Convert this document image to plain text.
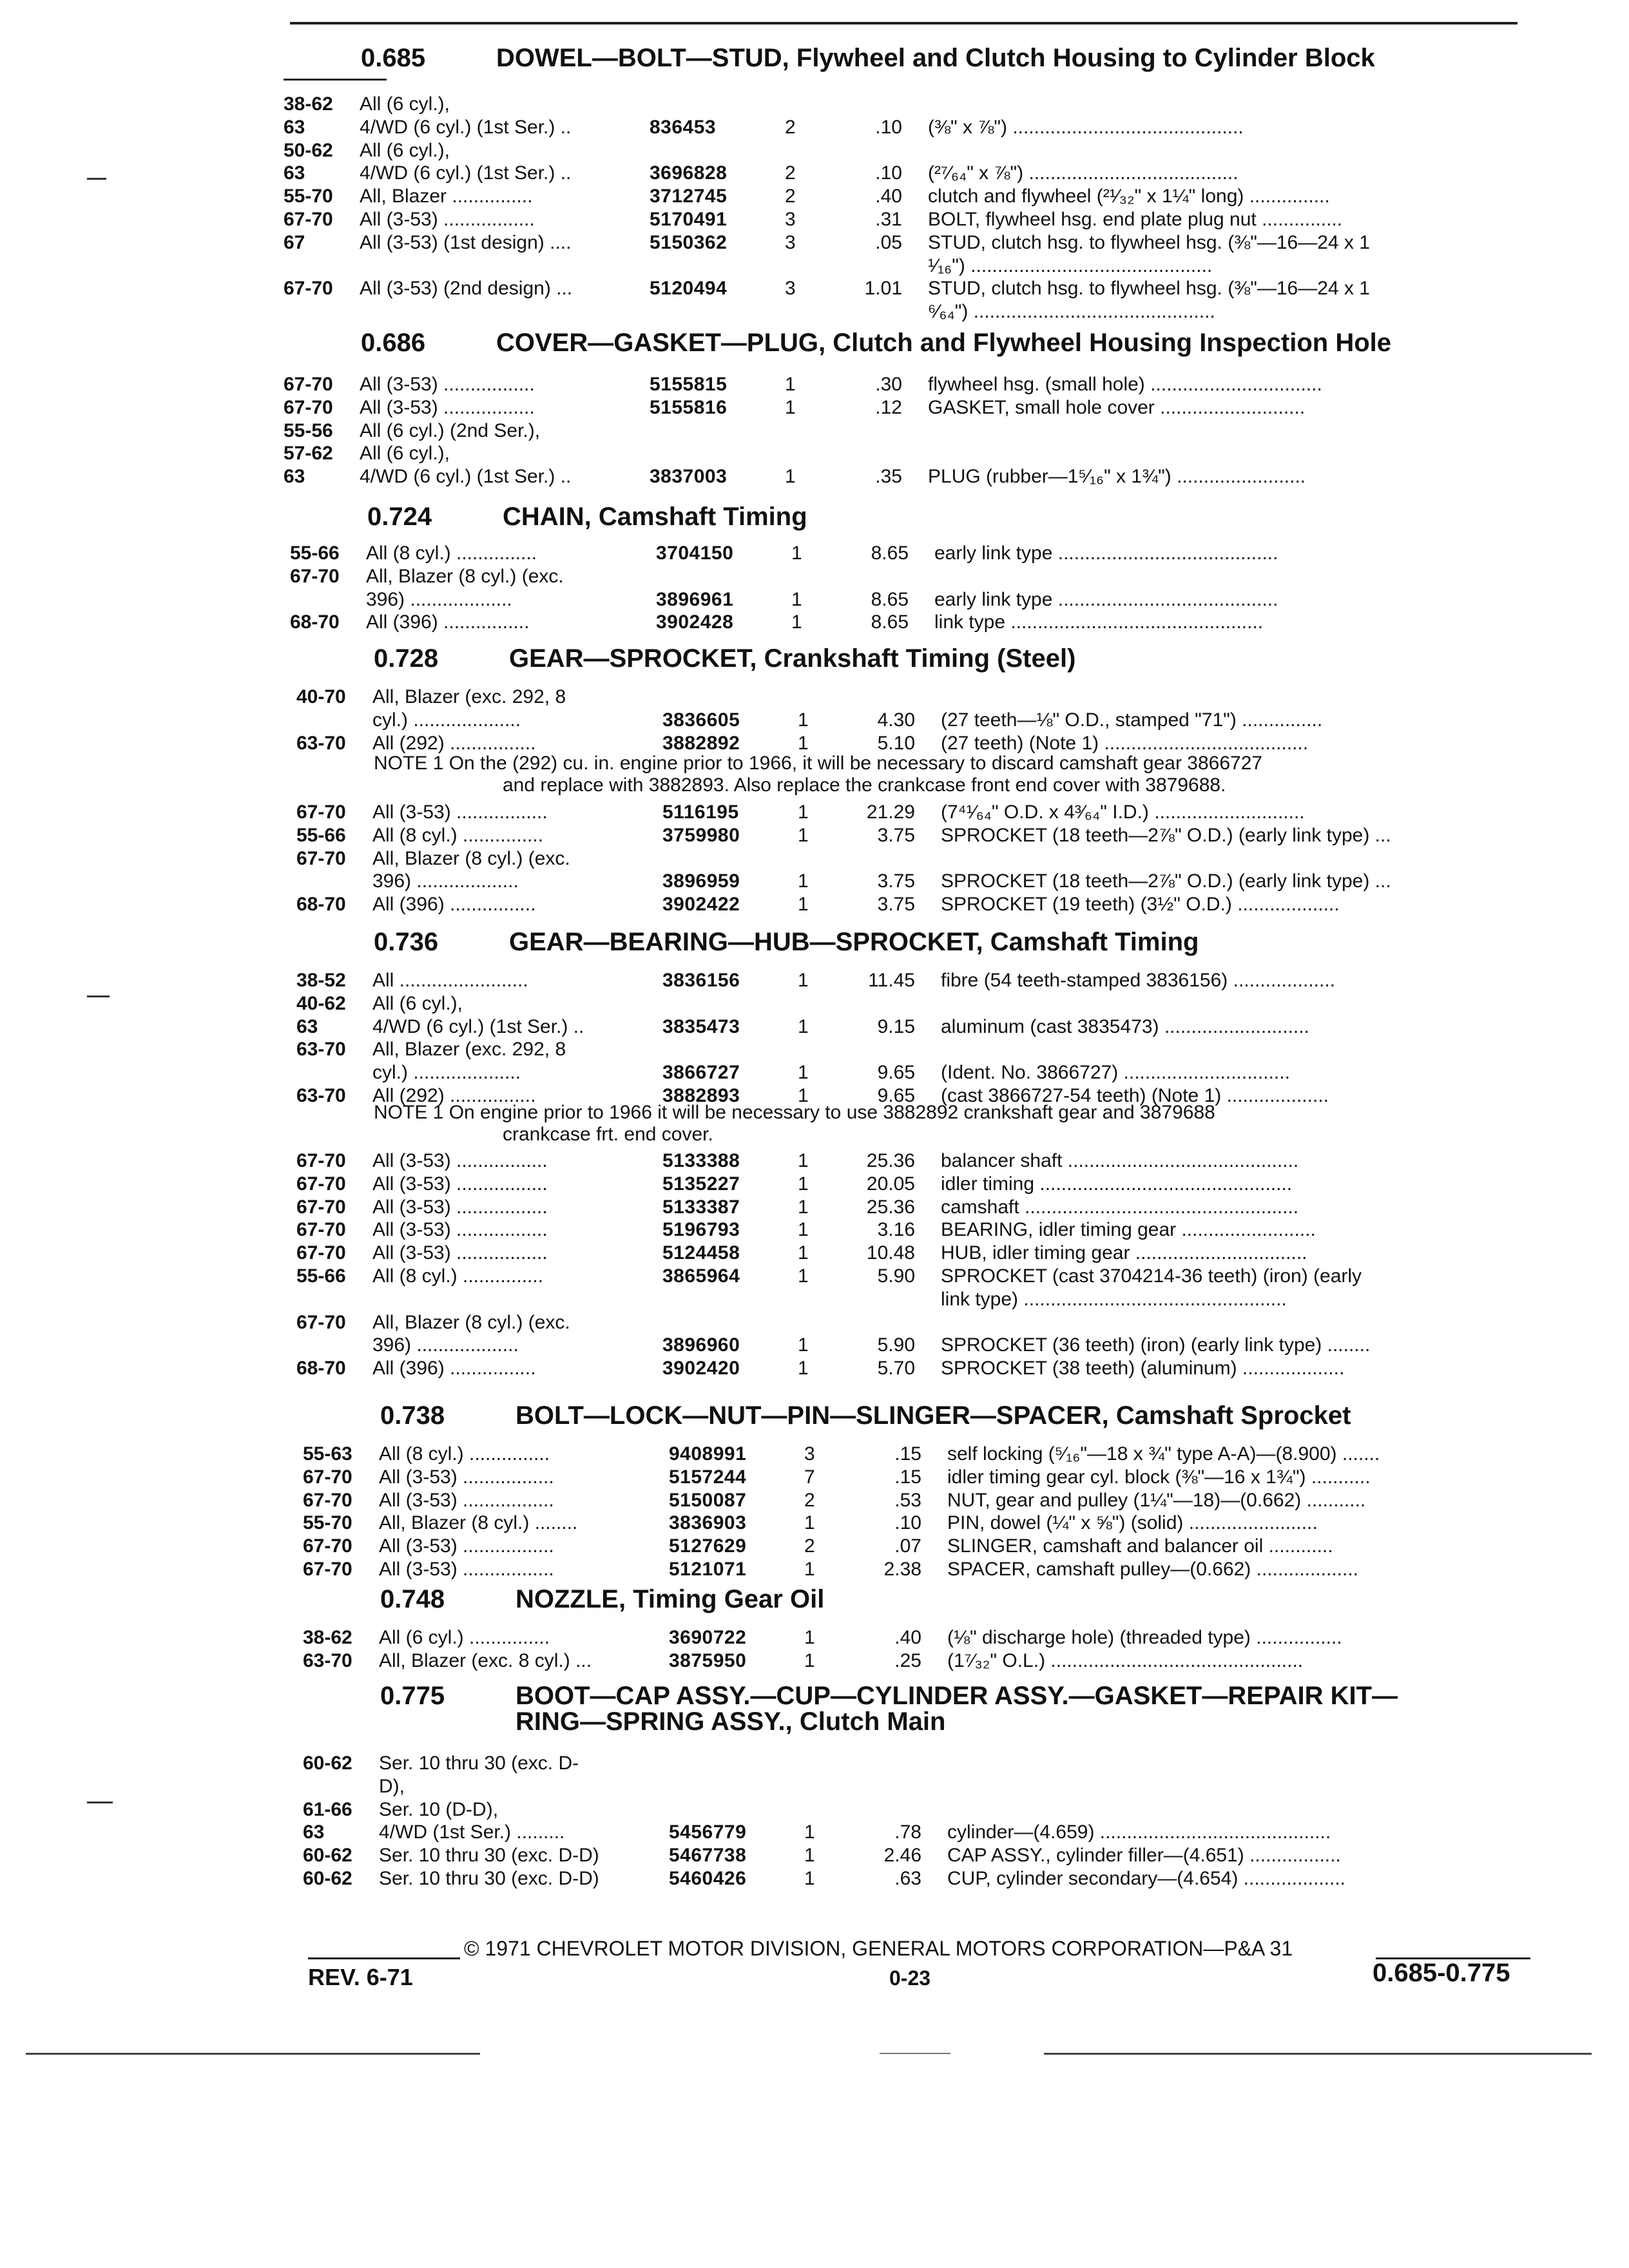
0.685	DOWEL—BOLT—STUD, Flywheel and Clutch Housing to Cylinder Block
38-62 All (6 cyl.),
63	4/WD (6 cyl.) (1st Ser.) ..	836453	2	.10 (⅜" x ⅞") ...........................................
50-62 All (6 cyl.),
63	4/WD (6 cyl.) (1st Ser.) ..	3696828	2	.10 (²⁷⁄₆₄" x ⅞") .......................................
55-70 All, Blazer ...............	3712745	2	.40 clutch and flywheel (²¹⁄₃₂" x 1¼" long) ...............
67-70 All (3-53) .................	5170491	3	.31 BOLT, flywheel hsg. end plate plug nut ...............
67	All (3-53) (1st design) ....	5150362	3	.05 STUD, clutch hsg. to flywheel hsg. (⅜"—16—24 x 1
¹⁄₁₆") .............................................
67-70 All (3-53) (2nd design) ...	5120494	3	1.01 STUD, clutch hsg. to flywheel hsg. (⅜"—16—24 x 1
⁶⁄₆₄") .............................................
0.686	COVER—GASKET—PLUG, Clutch and Flywheel Housing Inspection Hole
67-70 All (3-53) .................	5155815	1	.30 flywheel hsg. (small hole) ................................
67-70 All (3-53) .................	5155816	1	.12 GASKET, small hole cover ...........................
55-56 All (6 cyl.) (2nd Ser.),
57-62 All (6 cyl.),
63	4/WD (6 cyl.) (1st Ser.) ..	3837003	1	.35 PLUG (rubber—1⁵⁄₁₆" x 1¾") ........................
0.724	CHAIN, Camshaft Timing
55-66 All (8 cyl.) ...............	3704150	1	8.65 early link type .........................................
67-70 All, Blazer (8 cyl.) (exc.
396) ...................	3896961	1	8.65 early link type .........................................
68-70 All (396) ................	3902428	1	8.65 link type ...............................................
0.728	GEAR—SPROCKET, Crankshaft Timing (Steel)
40-70 All, Blazer (exc. 292, 8
cyl.) ....................	3836605	1	4.30 (27 teeth—⅛" O.D., stamped "71") ...............
63-70 All (292) ................	3882892	1	5.10 (27 teeth) (Note 1) ......................................
NOTE 1 On the (292) cu. in. engine prior to 1966, it will be necessary to discard camshaft gear 3866727
and replace with 3882893. Also replace the crankcase front end cover with 3879688.
67-70 All (3-53) .................	5116195	1	21.29 (7⁴¹⁄₆₄" O.D. x 4³⁄₆₄" I.D.) ............................
55-66 All (8 cyl.) ...............	3759980	1	3.75 SPROCKET (18 teeth—2⅞" O.D.) (early link type) ...
67-70 All, Blazer (8 cyl.) (exc.
396) ...................	3896959	1	3.75 SPROCKET (18 teeth—2⅞" O.D.) (early link type) ...
68-70 All (396) ................	3902422	1	3.75 SPROCKET (19 teeth) (3½" O.D.) ...................
0.736	GEAR—BEARING—HUB—SPROCKET, Camshaft Timing
38-52 All ........................	3836156	1	11.45 fibre (54 teeth-stamped 3836156) ...................
40-62 All (6 cyl.),
63	4/WD (6 cyl.) (1st Ser.) ..	3835473	1	9.15 aluminum (cast 3835473) ...........................
63-70 All, Blazer (exc. 292, 8
cyl.) ....................	3866727	1	9.65 (Ident. No. 3866727) ...............................
63-70 All (292) ................	3882893	1	9.65 (cast 3866727-54 teeth) (Note 1) ...................
NOTE 1 On engine prior to 1966 it will be necessary to use 3882892 crankshaft gear and 3879688
crankcase frt. end cover.
67-70 All (3-53) .................	5133388	1	25.36 balancer shaft ...........................................
67-70 All (3-53) .................	5135227	1	20.05 idler timing ...............................................
67-70 All (3-53) .................	5133387	1	25.36 camshaft ...................................................
67-70 All (3-53) .................	5196793	1	3.16 BEARING, idler timing gear .........................
67-70 All (3-53) .................	5124458	1	10.48 HUB, idler timing gear ................................
55-66 All (8 cyl.) ...............	3865964	1	5.90 SPROCKET (cast 3704214-36 teeth) (iron) (early
link type) .................................................
67-70 All, Blazer (8 cyl.) (exc.
396) ...................	3896960	1	5.90 SPROCKET (36 teeth) (iron) (early link type) ........
68-70 All (396) ................	3902420	1	5.70 SPROCKET (38 teeth) (aluminum) ...................
0.738	BOLT—LOCK—NUT—PIN—SLINGER—SPACER, Camshaft Sprocket
55-63 All (8 cyl.) ...............	9408991	3	.15 self locking (⁵⁄₁₆"—18 x ¾" type A-A)—(8.900) .......
67-70 All (3-53) .................	5157244	7	.15 idler timing gear cyl. block (⅜"—16 x 1¾") ...........
67-70 All (3-53) .................	5150087	2	.53 NUT, gear and pulley (1¼"—18)—(0.662) ...........
55-70 All, Blazer (8 cyl.) ........	3836903	1	.10 PIN, dowel (¼" x ⅝") (solid) ........................
67-70 All (3-53) .................	5127629	2	.07 SLINGER, camshaft and balancer oil ............
67-70 All (3-53) .................	5121071	1	2.38 SPACER, camshaft pulley—(0.662) ...................
0.748	NOZZLE, Timing Gear Oil
38-62 All (6 cyl.) ...............	3690722	1	.40 (⅛" discharge hole) (threaded type) ................
63-70 All, Blazer (exc. 8 cyl.) ...	3875950	1	.25 (1⁷⁄₃₂" O.L.) ...............................................
0.775	BOOT—CAP ASSY.—CUP—CYLINDER ASSY.—GASKET—REPAIR KIT—
RING—SPRING ASSY., Clutch Main
60-62 Ser. 10 thru 30 (exc. D-
D),
61-66 Ser. 10 (D-D),
63	4/WD (1st Ser.) .........	5456779	1	.78 cylinder—(4.659) ...........................................
60-62 Ser. 10 thru 30 (exc. D-D)	5467738	1	2.46 CAP ASSY., cylinder filler—(4.651) .................
60-62 Ser. 10 thru 30 (exc. D-D)	5460426	1	.63 CUP, cylinder secondary—(4.654) ...................
© 1971 CHEVROLET MOTOR DIVISION, GENERAL MOTORS CORPORATION—P&A 31
REV. 6-71	0-23	0.685-0.775
